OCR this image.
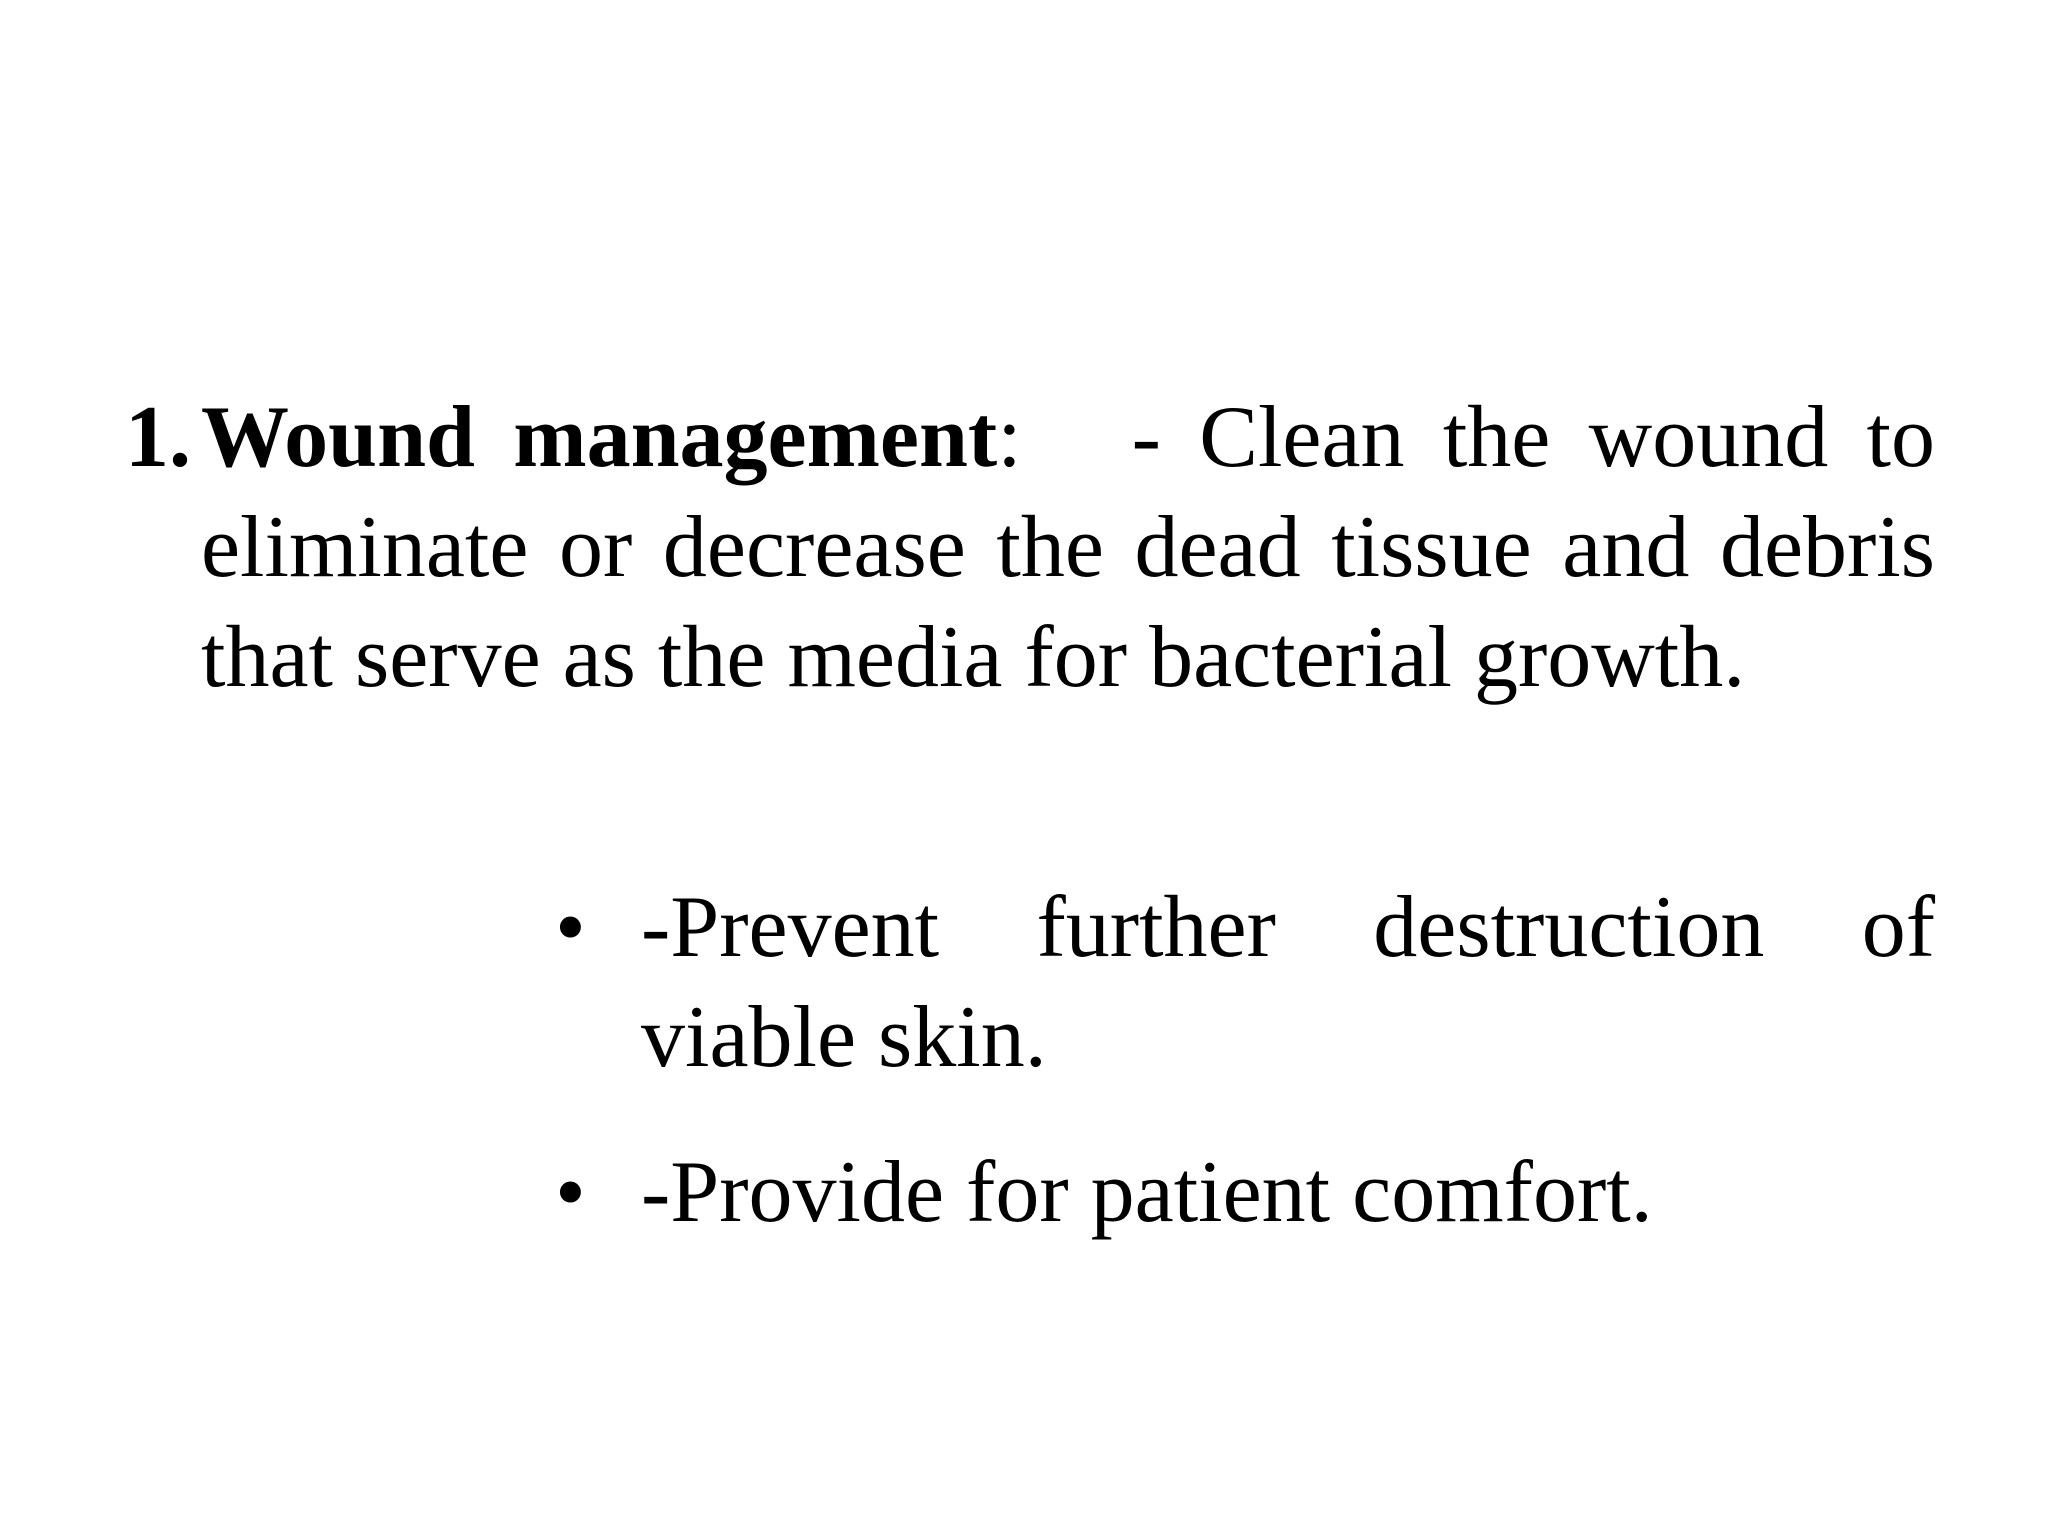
1. Wound management: - Clean the wound to eliminate or decrease the dead tissue and debris that serve as the media for bacterial growth.
• -Prevent further destruction of viable skin.
• -Provide for patient comfort.
